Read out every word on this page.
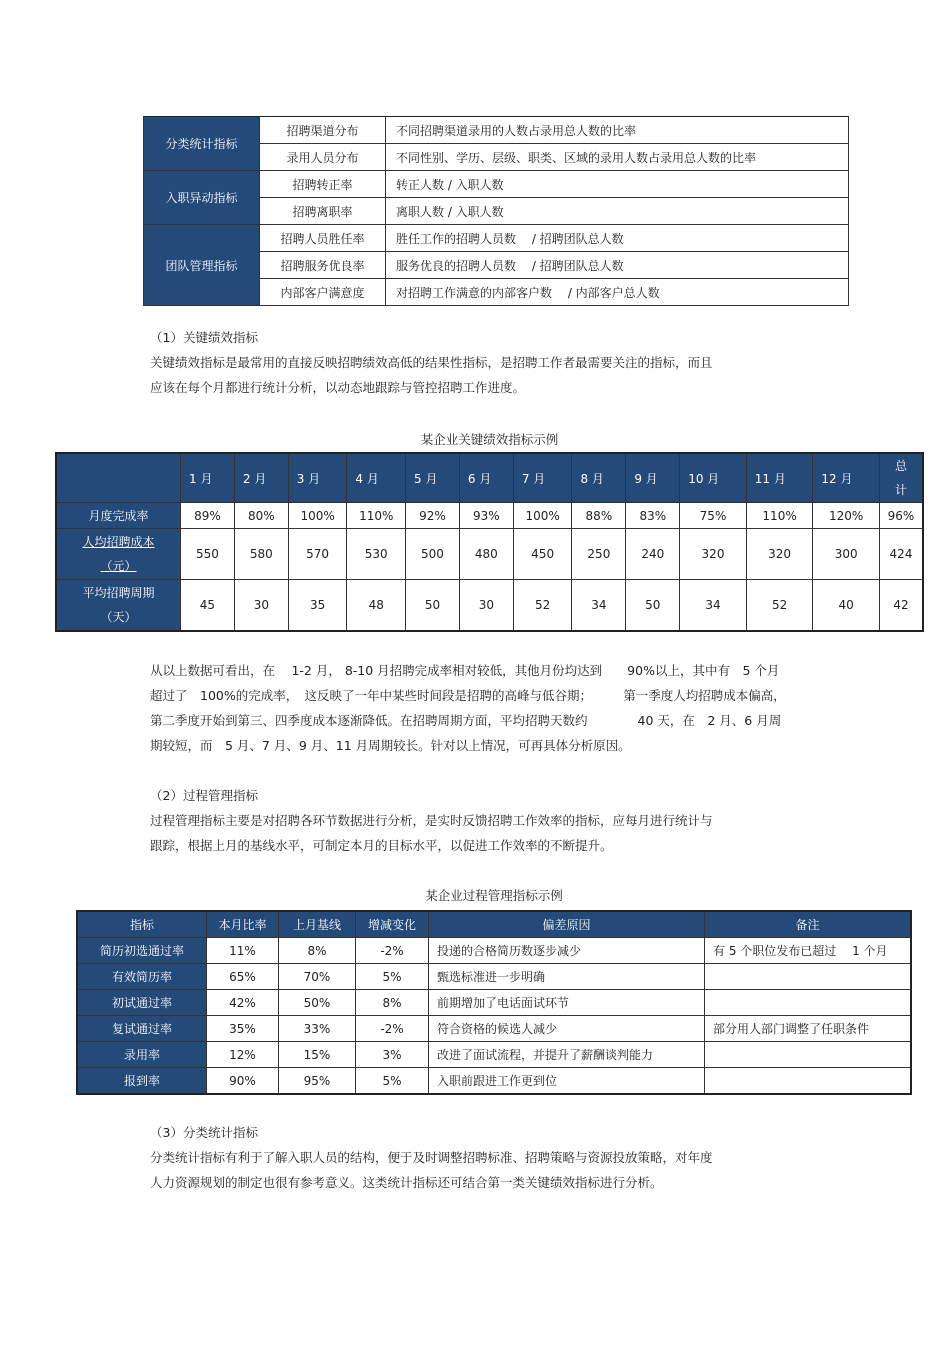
分类统计指标	招聘渠道分布	不同招聘渠道录用的人数占录用总人数的比率
	录用人员分布	不同性别、学历、层级、职类、区域的录用人数占录用总人数的比率
入职异动指标	招聘转正率	转正人数 / 入职人数
	招聘离职率	离职人数 / 入职人数
团队管理指标	招聘人员胜任率	胜任工作的招聘人员数　 / 招聘团队总人数
	招聘服务优良率	服务优良的招聘人员数　 / 招聘团队总人数
	内部客户满意度	对招聘工作满意的内部客户数　 / 内部客户总人数
（1）关键绩效指标
关键绩效指标是最常用的直接反映招聘绩效高低的结果性指标，是招聘工作者最需要关注的指标，而且
应该在每个月都进行统计分析，以动态地跟踪与管控招聘工作进度。
某企业关键绩效指标示例
	1 月	2 月	3 月	4 月	5 月	6 月	7 月	8 月	9 月	10 月	11 月	12 月	总
计

月度完成率	89%	80%	100%	110%	92%	93%	100%	88%	83%	75%	110%	120%	96%

人均招聘成本
（元）	550	580	570	530	500	480	450	250	240	320	320	300	424

平均招聘周期
（天）	45	30	35	48	50	30	52	34	50	34	52	40	42
从以上数据可看出，在　 1-2 月， 8-10 月招聘完成率相对较低，其他月份均达到　　90%以上，其中有　5 个月
超过了　100%的完成率，　这反映了一年中某些时间段是招聘的高峰与低谷期；　　　第一季度人均招聘成本偏高，
第二季度开始到第三、四季度成本逐渐降低。在招聘周期方面，平均招聘天数约　　　　40 天，在　2 月、6 月周
期较短，而　5 月、7 月、9 月、11 月周期较长。针对以上情况，可再具体分析原因。
（2）过程管理指标
过程管理指标主要是对招聘各环节数据进行分析，是实时反馈招聘工作效率的指标，应每月进行统计与
跟踪，根据上月的基线水平，可制定本月的目标水平，以促进工作效率的不断提升。
某企业过程管理指标示例
指标	本月比率	上月基线	增减变化	偏差原因	备注
简历初选通过率	11%	8%	-2%	投递的合格简历数逐步减少	有 5 个职位发布已超过　 1 个月
有效简历率	65%	70%	5%	甄选标准进一步明确	
初试通过率	42%	50%	8%	前期增加了电话面试环节	
复试通过率	35%	33%	-2%	符合资格的候选人减少	部分用人部门调整了任职条件
录用率	12%	15%	3%	改进了面试流程，并提升了薪酬谈判能力	
报到率	90%	95%	5%	入职前跟进工作更到位	
（3）分类统计指标
分类统计指标有利于了解入职人员的结构，便于及时调整招聘标准、招聘策略与资源投放策略，对年度
人力资源规划的制定也很有参考意义。这类统计指标还可结合第一类关键绩效指标进行分析。
